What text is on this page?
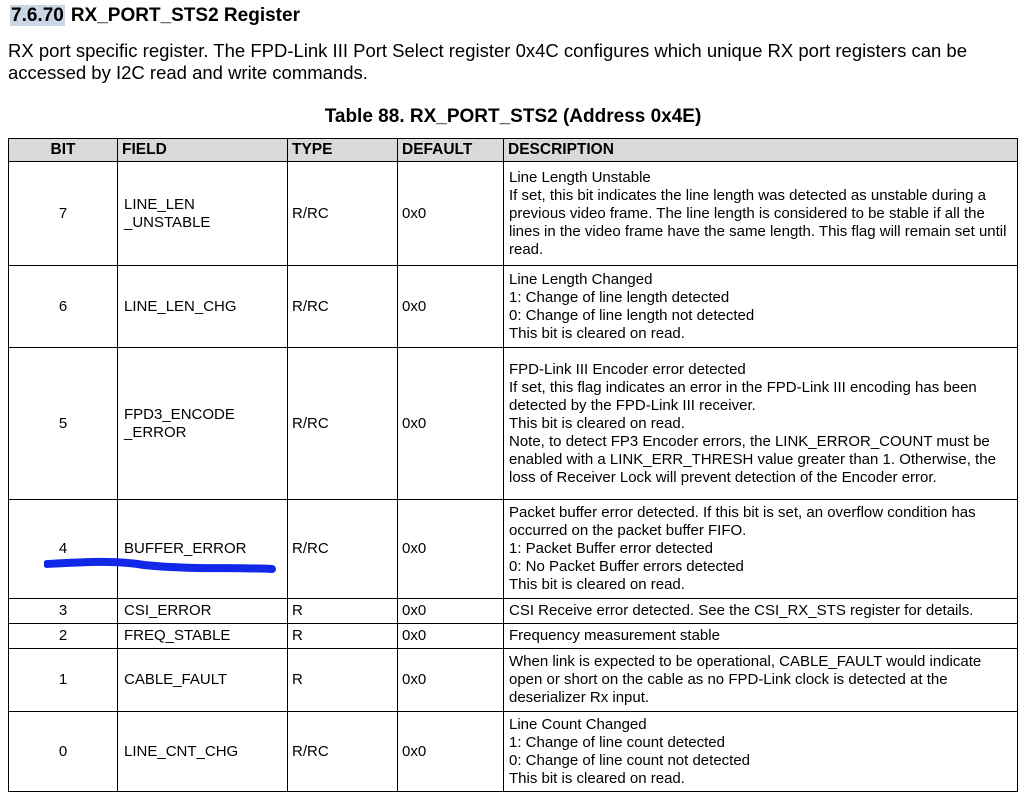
7.6.70 RX_PORT_STS2 Register
RX port specific register. The FPD-Link III Port Select register 0x4C configures which unique RX port registers can be accessed by I2C read and write commands.
Table 88. RX_PORT_STS2 (Address 0x4E)
BIT	FIELD	TYPE	DEFAULT	DESCRIPTION
7	LINE_LEN
_UNSTABLE	R/RC	0x0	Line Length Unstable
If set, this bit indicates the line length was detected as unstable during a previous video frame. The line length is considered to be stable if all the lines in the video frame have the same length. This flag will remain set until read.
6	LINE_LEN_CHG	R/RC	0x0	Line Length Changed
1: Change of line length detected
0: Change of line length not detected
This bit is cleared on read.
5	FPD3_ENCODE
_ERROR	R/RC	0x0	FPD-Link III Encoder error detected
If set, this flag indicates an error in the FPD-Link III encoding has been detected by the FPD-Link III receiver.
This bit is cleared on read.
Note, to detect FP3 Encoder errors, the LINK_ERROR_COUNT must be enabled with a LINK_ERR_THRESH value greater than 1. Otherwise, the loss of Receiver Lock will prevent detection of the Encoder error.
4	BUFFER_ERROR	R/RC	0x0	Packet buffer error detected. If this bit is set, an overflow condition has occurred on the packet buffer FIFO.
1: Packet Buffer error detected
0: No Packet Buffer errors detected
This bit is cleared on read.
3	CSI_ERROR	R	0x0	CSI Receive error detected. See the CSI_RX_STS register for details.
2	FREQ_STABLE	R	0x0	Frequency measurement stable
1	CABLE_FAULT	R	0x0	When link is expected to be operational, CABLE_FAULT would indicate open or short on the cable as no FPD-Link clock is detected at the deserializer Rx input.
0	LINE_CNT_CHG	R/RC	0x0	Line Count Changed
1: Change of line count detected
0: Change of line count not detected
This bit is cleared on read.
